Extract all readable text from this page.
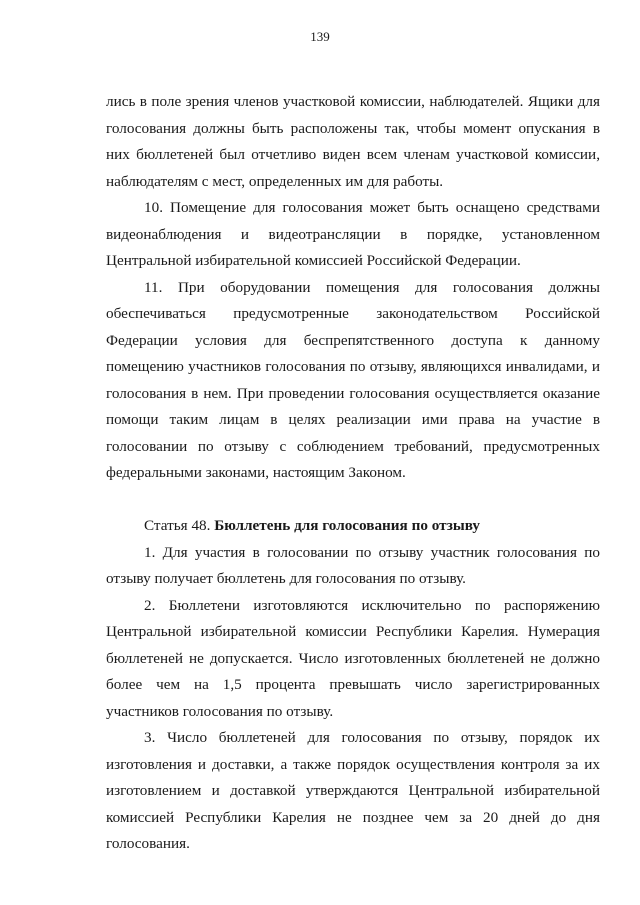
139

лись в поле зрения членов участковой комиссии, наблюдателей. Ящики для голосования должны быть расположены так, чтобы момент опускания в них бюллетеней был отчетливо виден всем членам участковой комиссии, наблюдателям с мест, определенных им для работы.

10. Помещение для голосования может быть оснащено средствами видеонаблюдения и видеотрансляции в порядке, установленном Центральной избирательной комиссией Российской Федерации.

11. При оборудовании помещения для голосования должны обеспечиваться предусмотренные законодательством Российской Федерации условия для беспрепятственного доступа к данному помещению участников голосования по отзыву, являющихся инвалидами, и голосования в нем. При проведении голосования осуществляется оказание помощи таким лицам в целях реализации ими права на участие в голосовании по отзыву с соблюдением требований, предусмотренных федеральными законами, настоящим Законом.

Статья 48. Бюллетень для голосования по отзыву

1. Для участия в голосовании по отзыву участник голосования по отзыву получает бюллетень для голосования по отзыву.

2. Бюллетени изготовляются исключительно по распоряжению Центральной избирательной комиссии Республики Карелия. Нумерация бюллетеней не допускается. Число изготовленных бюллетеней не должно более чем на 1,5 процента превышать число зарегистрированных участников голосования по отзыву.

3. Число бюллетеней для голосования по отзыву, порядок их изготовления и доставки, а также порядок осуществления контроля за их изготовлением и доставкой утверждаются Центральной избирательной комиссией Республики Карелия не позднее чем за 20 дней до дня голосования.
